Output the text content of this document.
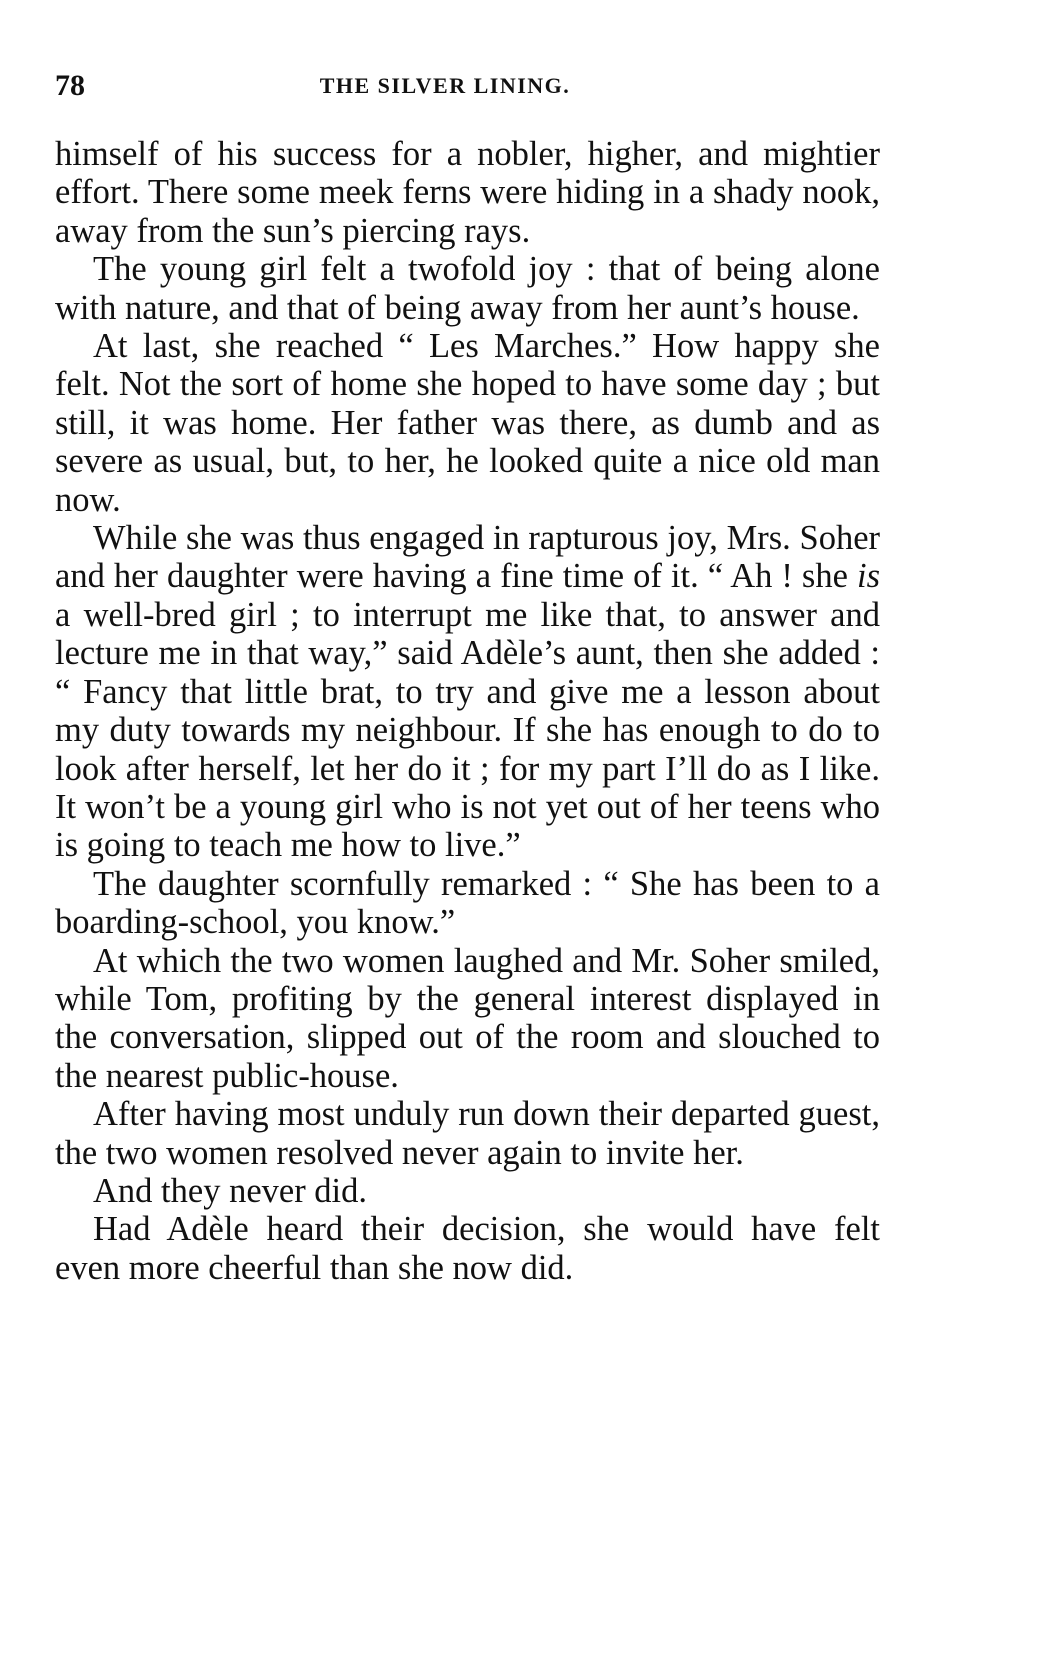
78	THE SILVER LINING.

himself of his success for a nobler, higher, and mightier effort. There some meek ferns were hiding in a shady nook, away from the sun’s piercing rays.

The young girl felt a twofold joy : that of being alone with nature, and that of being away from her aunt’s house.

At last, she reached “ Les Marches.” How happy she felt. Not the sort of home she hoped to have some day ; but still, it was home. Her father was there, as dumb and as severe as usual, but, to her, he looked quite a nice old man now.

While she was thus engaged in rapturous joy, Mrs. Soher and her daughter were having a fine time of it. “ Ah ! she is a well-bred girl ; to interrupt me like that, to answer and lecture me in that way,” said Adèle’s aunt, then she added : “ Fancy that little brat, to try and give me a lesson about my duty towards my neighbour. If she has enough to do to look after herself, let her do it ; for my part I’ll do as I like. It won’t be a young girl who is not yet out of her teens who is going to teach me how to live.”

The daughter scornfully remarked : “ She has been to a boarding-school, you know.”

At which the two women laughed and Mr. Soher smiled, while Tom, profiting by the general interest displayed in the conversation, slipped out of the room and slouched to the nearest public-house.

After having most unduly run down their departed guest, the two women resolved never again to invite her.

And they never did.

Had Adèle heard their decision, she would have felt even more cheerful than she now did.
